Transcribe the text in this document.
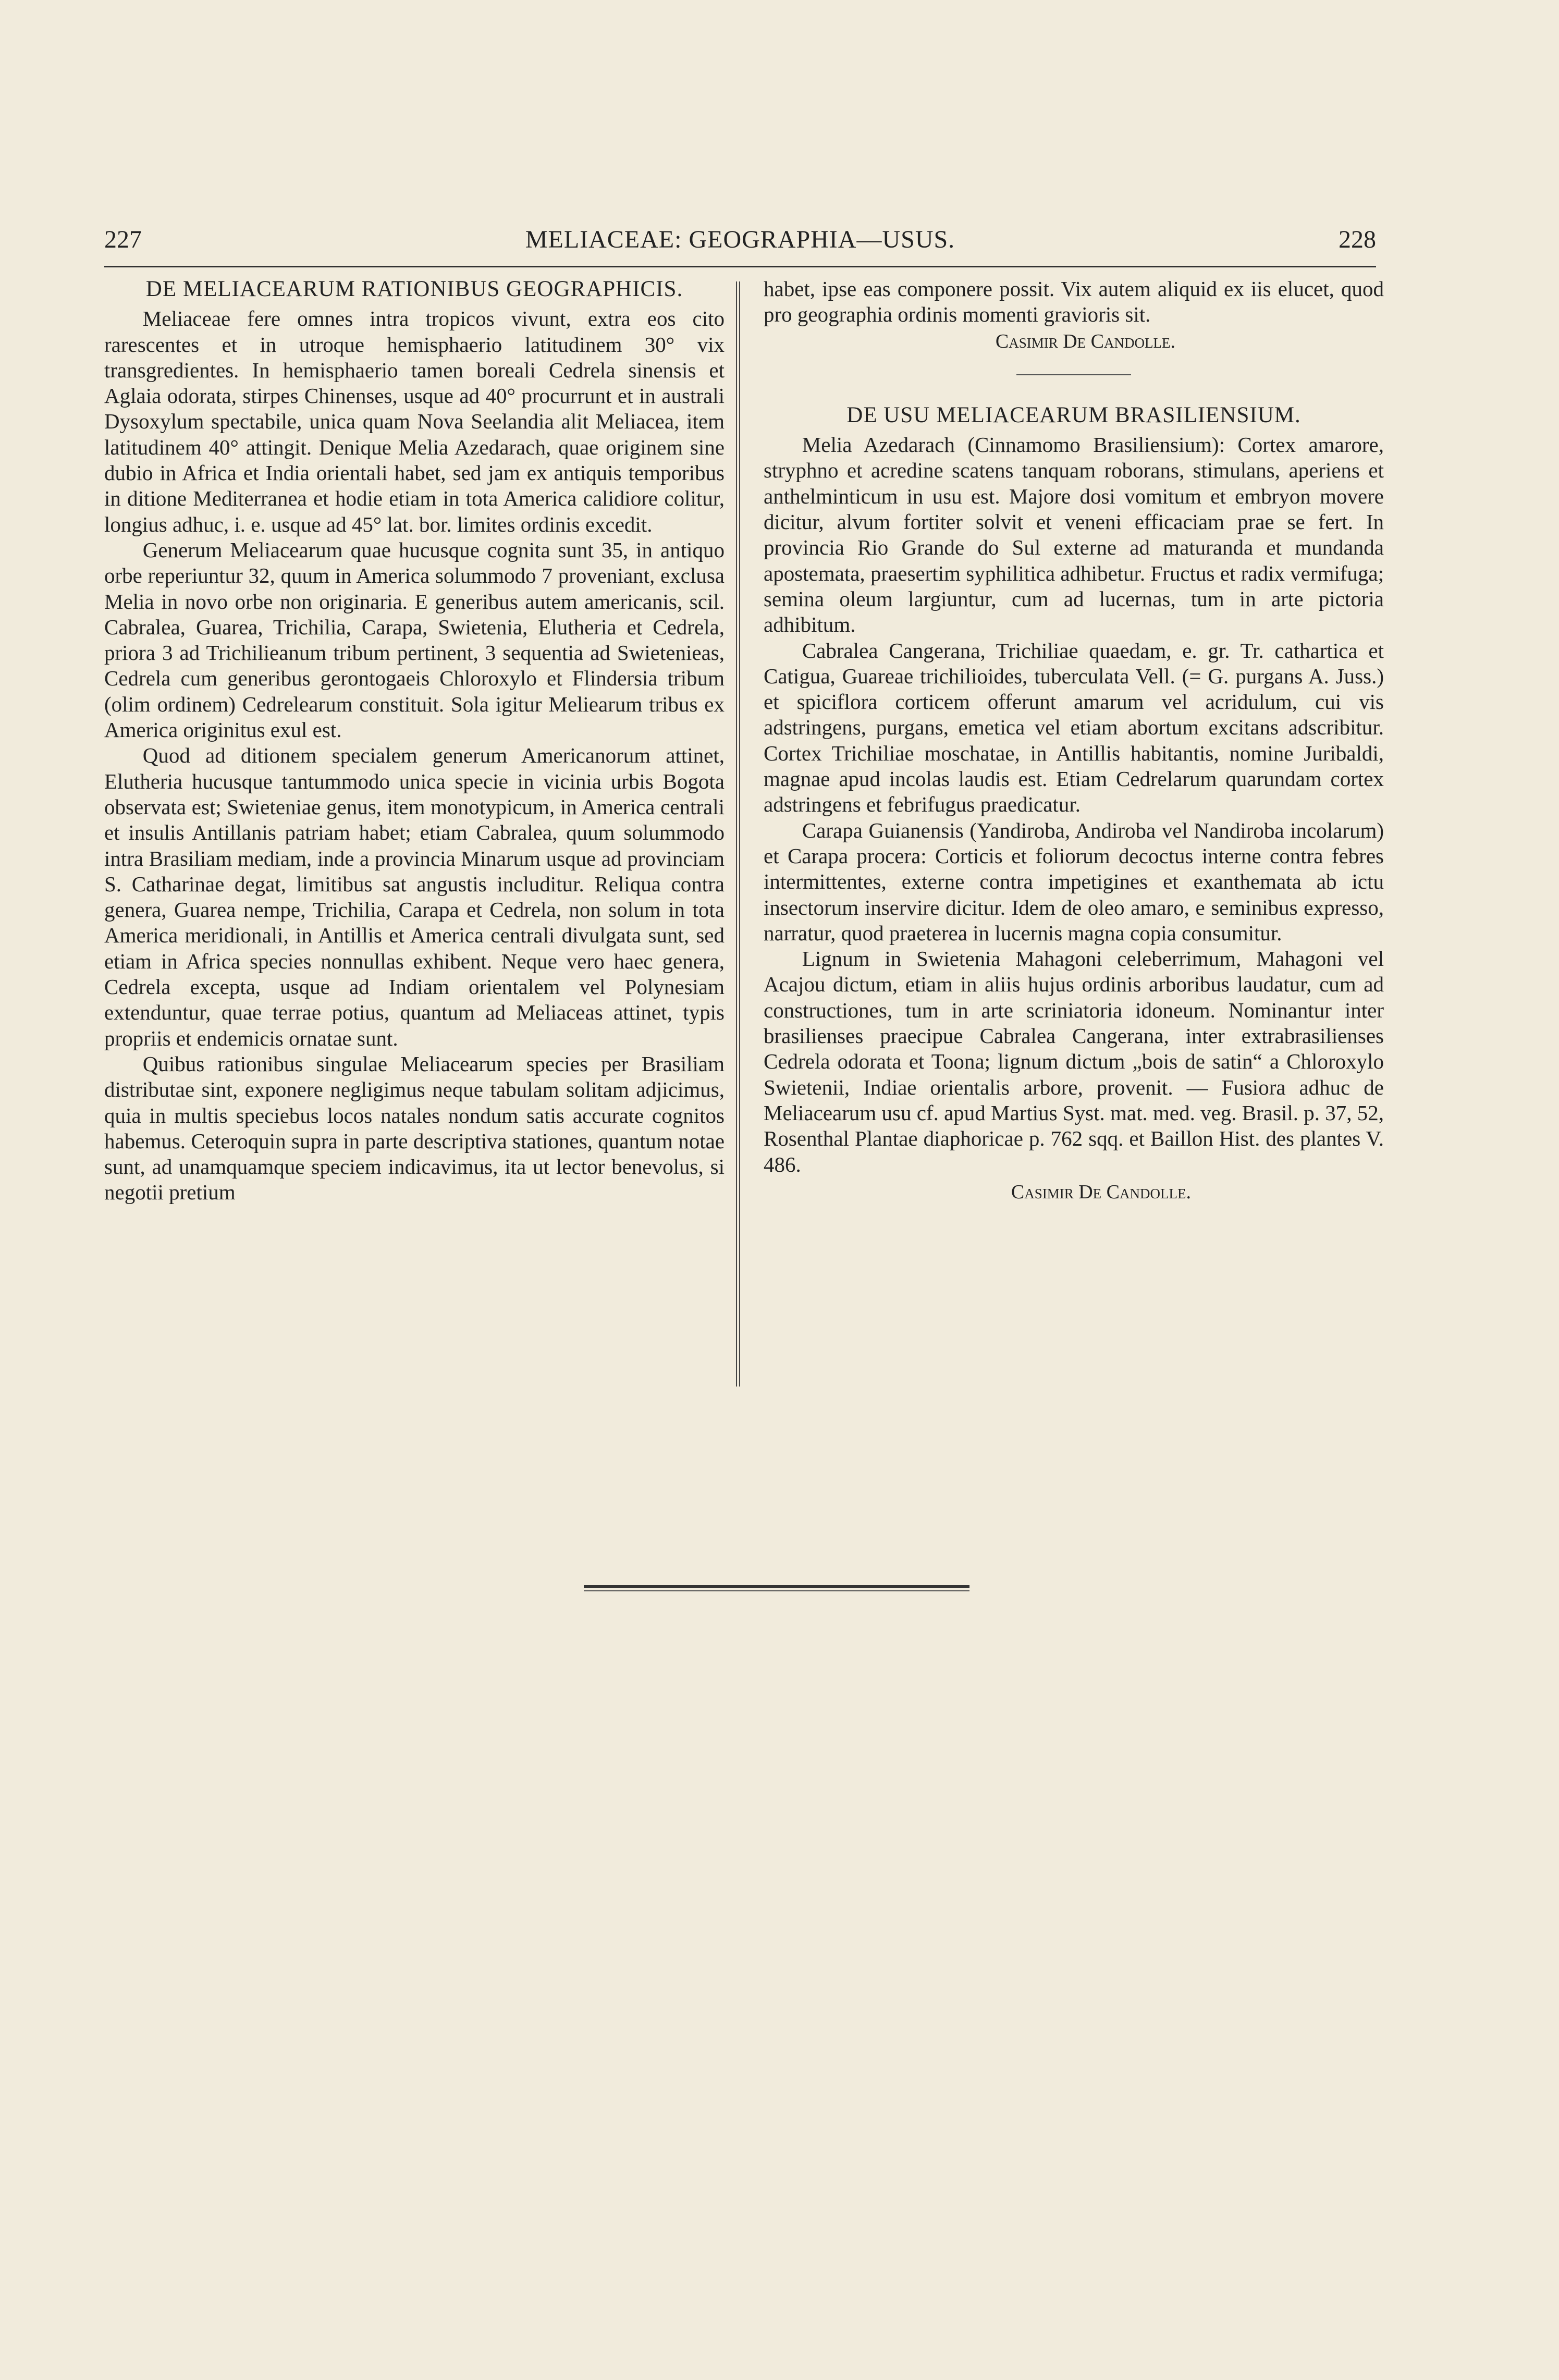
227	MELIACEAE: GEOGRAPHIA—USUS.	228
DE MELIACEARUM RATIONIBUS GEOGRAPHICIS.

Meliaceae fere omnes intra tropicos vivunt, extra eos cito rarescentes et in utroque hemisphaerio latitudinem 30° vix transgredientes. In hemisphaerio tamen boreali Cedrela sinensis et Aglaia odorata, stirpes Chinenses, usque ad 40° procurrunt et in australi Dysoxylum spectabile, unica quam Nova Seelandia alit Meliacea, item latitudinem 40° attingit. Denique Melia Azedarach, quae originem sine dubio in Africa et India orientali habet, sed jam ex antiquis temporibus in ditione Mediterranea et hodie etiam in tota America calidiore colitur, longius adhuc, i. e. usque ad 45° lat. bor. limites ordinis excedit.

Generum Meliacearum quae hucusque cognita sunt 35, in antiquo orbe reperiuntur 32, quum in America solummodo 7 proveniant, exclusa Melia in novo orbe non originaria. E generibus autem americanis, scil. Cabralea, Guarea, Trichilia, Carapa, Swietenia, Elutheria et Cedrela, priora 3 ad Trichilieanum tribum pertinent, 3 sequentia ad Swietenieas, Cedrela cum generibus gerontogaeis Chloroxylo et Flindersia tribum (olim ordinem) Cedrelearum constituit. Sola igitur Meliearum tribus ex America originitus exul est.

Quod ad ditionem specialem generum Americanorum attinet, Elutheria hucusque tantummodo unica specie in vicinia urbis Bogota observata est; Swieteniae genus, item monotypicum, in America centrali et insulis Antillanis patriam habet; etiam Cabralea, quum solummodo intra Brasiliam mediam, inde a provincia Minarum usque ad provinciam S. Catharinae degat, limitibus sat angustis includitur. Reliqua contra genera, Guarea nempe, Trichilia, Carapa et Cedrela, non solum in tota America meridionali, in Antillis et America centrali divulgata sunt, sed etiam in Africa species nonnullas exhibent. Neque vero haec genera, Cedrela excepta, usque ad Indiam orientalem vel Polynesiam extenduntur, quae terrae potius, quantum ad Meliaceas attinet, typis propriis et endemicis ornatae sunt.

Quibus rationibus singulae Meliacearum species per Brasiliam distributae sint, exponere negligimus neque tabulam solitam adjicimus, quia in multis speciebus locos natales nondum satis accurate cognitos habemus. Ceteroquin supra in parte descriptiva stationes, quantum notae sunt, ad unamquamque speciem indicavimus, ita ut lector benevolus, si negotii pretium

habet, ipse eas componere possit. Vix autem aliquid ex iis elucet, quod pro geographia ordinis momenti gravioris sit.

Casimir De Candolle.
DE USU MELIACEARUM BRASILIENSIUM.

Melia Azedarach (Cinnamomo Brasiliensium): Cortex amarore, stryphno et acredine scatens tanquam roborans, stimulans, aperiens et anthelminticum in usu est. Majore dosi vomitum et embryon movere dicitur, alvum fortiter solvit et veneni efficaciam prae se fert. In provincia Rio Grande do Sul externe ad maturanda et mundanda apostemata, praesertim syphilitica adhibetur. Fructus et radix vermifuga; semina oleum largiuntur, cum ad lucernas, tum in arte pictoria adhibitum.

Cabralea Cangerana, Trichiliae quaedam, e. gr. Tr. cathartica et Catigua, Guareae trichilioides, tuberculata Vell. (= G. purgans A. Juss.) et spiciflora corticem offerunt amarum vel acridulum, cui vis adstringens, purgans, emetica vel etiam abortum excitans adscribitur. Cortex Trichiliae moschatae, in Antillis habitantis, nomine Juribaldi, magnae apud incolas laudis est. Etiam Cedrelarum quarundam cortex adstringens et febrifugus praedicatur.

Carapa Guianensis (Yandiroba, Andiroba vel Nandiroba incolarum) et Carapa procera: Corticis et foliorum decoctus interne contra febres intermittentes, externe contra impetigines et exanthemata ab ictu insectorum inservire dicitur. Idem de oleo amaro, e seminibus expresso, narratur, quod praeterea in lucernis magna copia consumitur.

Lignum in Swietenia Mahagoni celeberrimum, Mahagoni vel Acajou dictum, etiam in aliis hujus ordinis arboribus laudatur, cum ad constructiones, tum in arte scriniatoria idoneum. Nominantur inter brasilienses praecipue Cabralea Cangerana, inter extrabrasilienses Cedrela odorata et Toona; lignum dictum „bois de satin“ a Chloroxylo Swietenii, Indiae orientalis arbore, provenit. — Fusiora adhuc de Meliacearum usu cf. apud Martius Syst. mat. med. veg. Brasil. p. 37, 52, Rosenthal Plantae diaphoricae p. 762 sqq. et Baillon Hist. des plantes V. 486.

Casimir De Candolle.
